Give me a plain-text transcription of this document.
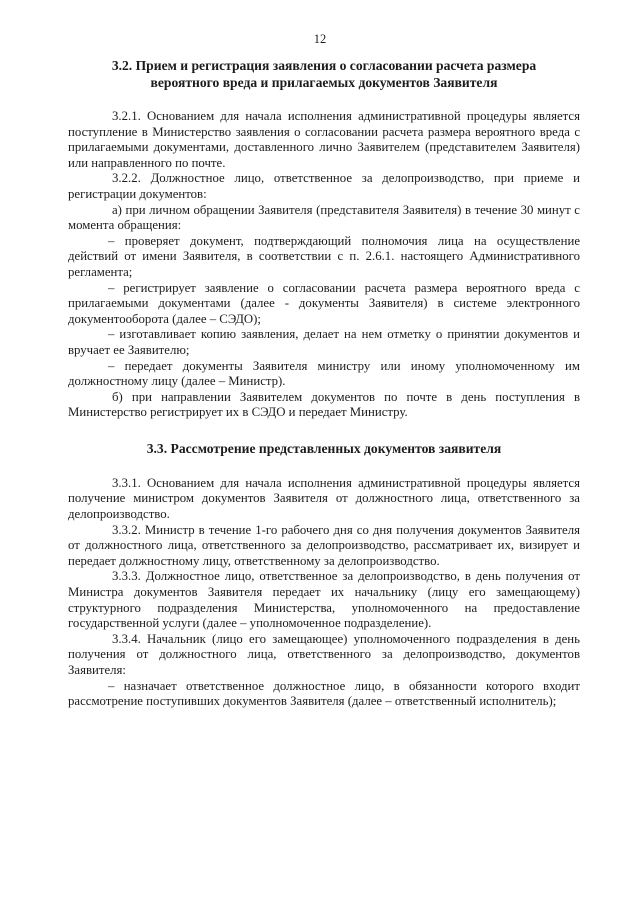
12
3.2. Прием и регистрация заявления о согласовании расчета размера
вероятного вреда и прилагаемых документов Заявителя

3.2.1. Основанием для начала исполнения административной процедуры является поступление в Министерство заявления о согласовании расчета размера вероятного вреда с прилагаемыми документами, доставленного лично Заявителем (представителем Заявителя) или направленного по почте.

3.2.2. Должностное лицо, ответственное за делопроизводство, при приеме и регистрации документов:

а) при личном обращении Заявителя (представителя Заявителя) в течение 30 минут с момента обращения:

– проверяет документ, подтверждающий полномочия лица на осуществление действий от имени Заявителя, в соответствии с п. 2.6.1. настоящего Административного регламента;

– регистрирует заявление о согласовании расчета размера вероятного вреда с прилагаемыми документами (далее - документы Заявителя) в системе электронного документооборота (далее – СЭДО);

– изготавливает копию заявления, делает на нем отметку о принятии документов и вручает ее Заявителю;

– передает документы Заявителя министру или иному уполномоченному им должностному лицу (далее – Министр).

б) при направлении Заявителем документов по почте в день поступления в Министерство регистрирует их в СЭДО и передает Министру.

3.3. Рассмотрение представленных документов заявителя

3.3.1. Основанием для начала исполнения административной процедуры является получение министром документов Заявителя от должностного лица, ответственного за делопроизводство.

3.3.2. Министр в течение 1-го рабочего дня со дня получения документов Заявителя от должностного лица, ответственного за делопроизводство, рассматривает их, визирует и передает должностному лицу, ответственному за делопроизводство.

3.3.3. Должностное лицо, ответственное за делопроизводство, в день получения от Министра документов Заявителя передает их начальнику (лицу его замещающему) структурного подразделения Министерства, уполномоченного на предоставление государственной услуги (далее – уполномоченное подразделение).

3.3.4. Начальник (лицо его замещающее) уполномоченного подразделения в день получения от должностного лица, ответственного за делопроизводство, документов Заявителя:

– назначает ответственное должностное лицо, в обязанности которого входит рассмотрение поступивших документов Заявителя (далее – ответственный исполнитель);
